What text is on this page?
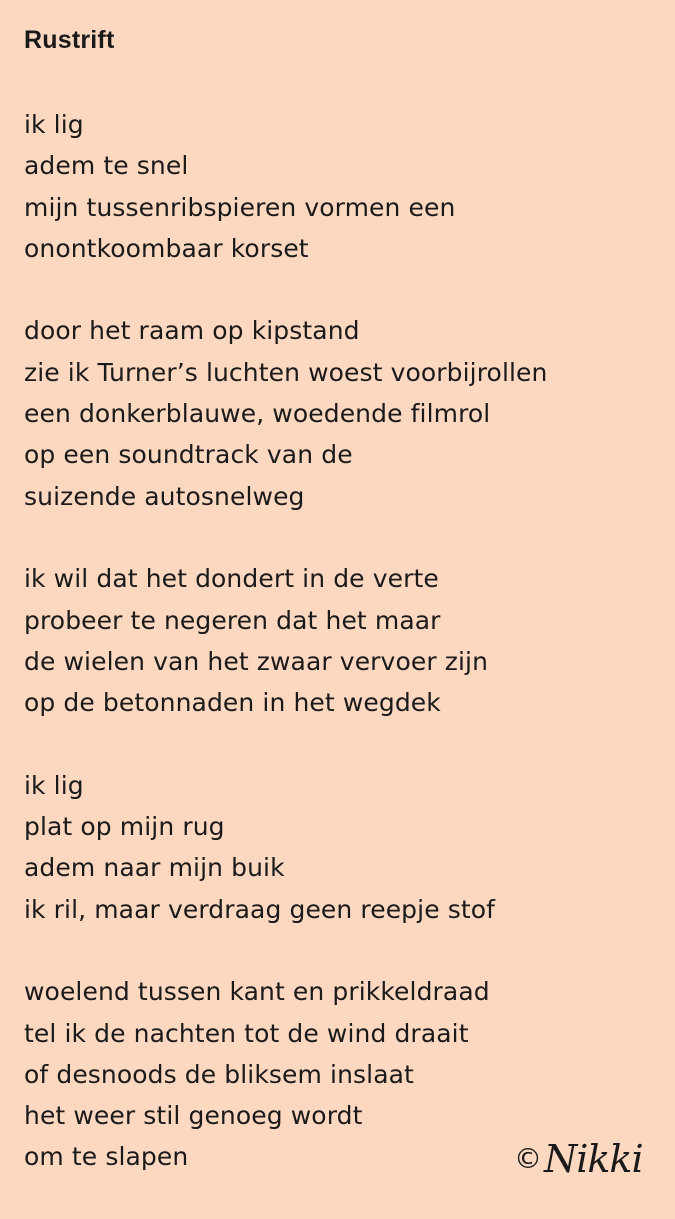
Rustrift
ik lig
adem te snel
mijn tussenribspieren vormen een
onontkoombaar korset
door het raam op kipstand
zie ik Turner’s luchten woest voorbijrollen
een donkerblauwe, woedende filmrol
op een soundtrack van de
suizende autosnelweg
ik wil dat het dondert in de verte
probeer te negeren dat het maar
de wielen van het zwaar vervoer zijn
op de betonnaden in het wegdek
ik lig
plat op mijn rug
adem naar mijn buik
ik ril, maar verdraag geen reepje stof
woelend tussen kant en prikkeldraad
tel ik de nachten tot de wind draait
of desnoods de bliksem inslaat
het weer stil genoeg wordt
om te slapen	© Nikki
